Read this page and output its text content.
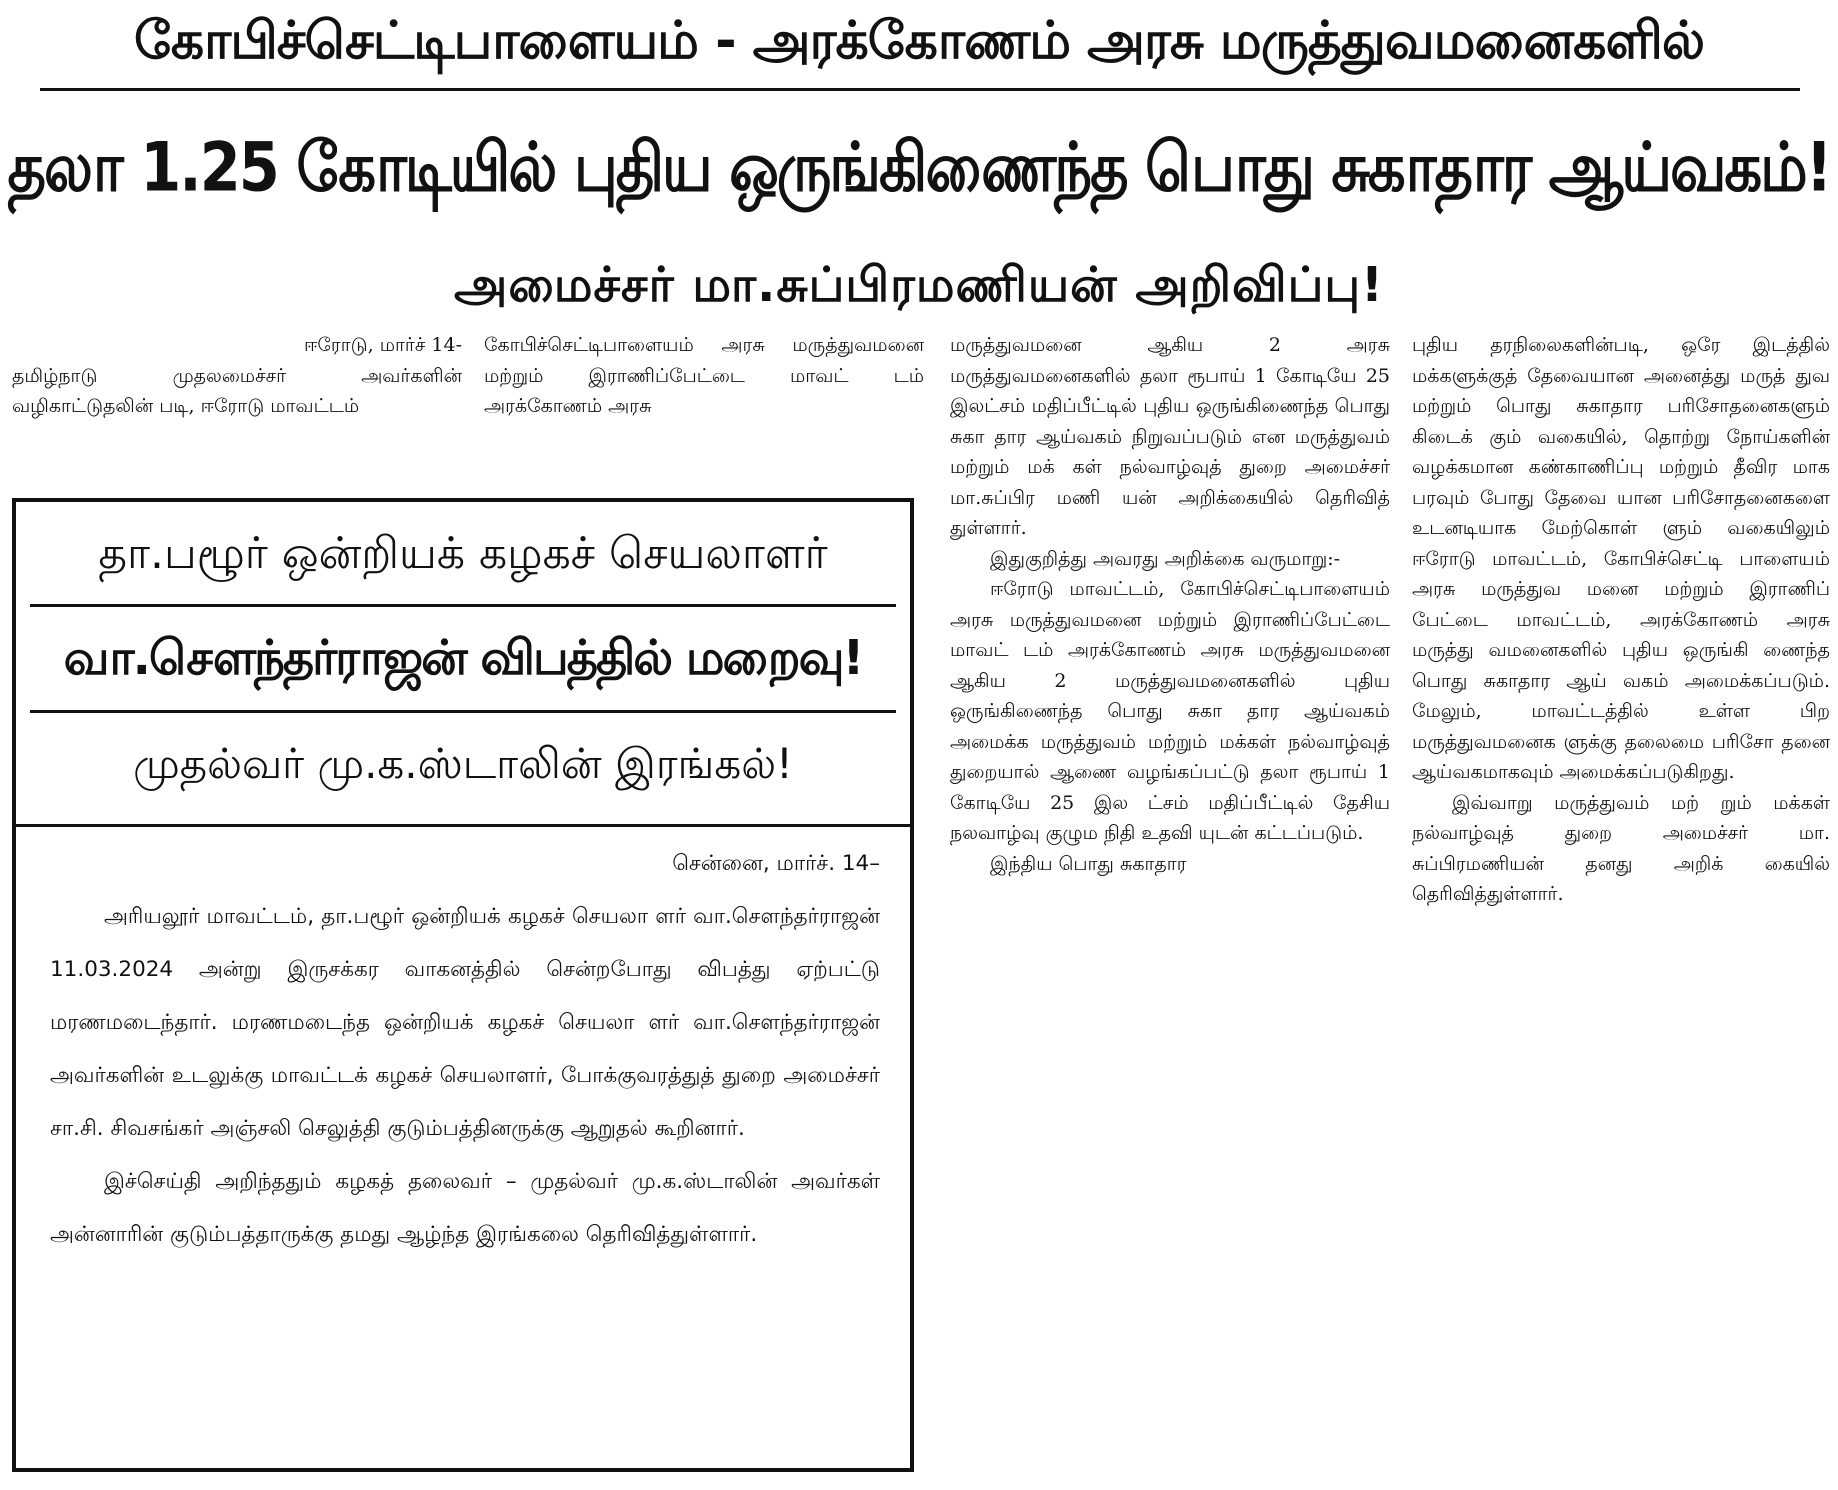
கோபிச்செட்டிபாளையம் - அரக்கோணம் அரசு மருத்துவமனைகளில்
தலா 1.25 கோடியில் புதிய ஒருங்கிணைந்த பொது சுகாதார ஆய்வகம்!
அமைச்சர் மா.சுப்பிரமணியன் அறிவிப்பு!

ஈரோடு, மார்ச் 14-

தமிழ்நாடு முதலமைச்சர் அவர்களின் வழிகாட்டுதலின் படி, ஈரோடு மாவட்டம்

கோபிச்செட்டிபாளையம் அரசு மருத்துவமனை மற்றும் இராணிப்பேட்டை மாவட் டம் அரக்கோணம் அரசு

மருத்துவமனை ஆகிய 2 அரசு மருத்துவமனைகளில் தலா ரூபாய் 1 கோடியே 25 இலட்சம் மதிப்பீட்டில் புதிய ஒருங்கிணைந்த பொது சுகா தார ஆய்வகம் நிறுவப்படும் என மருத்துவம் மற்றும் மக் கள் நல்வாழ்வுத் துறை அமைச்சர் மா.சுப்பிர மணி யன் அறிக்கையில் தெரிவித் துள்ளார்.

இதுகுறித்து அவரது அறிக்கை வருமாறு:-

ஈரோடு மாவட்டம், கோபிச்செட்டிபாளையம் அரசு மருத்துவமனை மற்றும் இராணிப்பேட்டை மாவட் டம் அரக்கோணம் அரசு மருத்துவமனை ஆகிய 2 மருத்துவமனைகளில் புதிய ஒருங்கிணைந்த பொது சுகா தார ஆய்வகம் அமைக்க மருத்துவம் மற்றும் மக்கள் நல்வாழ்வுத் துறையால் ஆணை வழங்கப்பட்டு தலா ரூபாய் 1 கோடியே 25 இல ட்சம் மதிப்பீட்டில் தேசிய நலவாழ்வு குழும நிதி உதவி யுடன் கட்டப்படும்.

இந்திய பொது சுகாதார

புதிய தரநிலைகளின்படி, ஒரே இடத்தில் மக்களுக்குத் தேவையான அனைத்து மருத் துவ மற்றும் பொது சுகாதார பரிசோதனைகளும் கிடைக் கும் வகையில், தொற்று நோய்களின் வழக்கமான கண்காணிப்பு மற்றும் தீவிர மாக பரவும் போது தேவை யான பரிசோதனைகளை உடனடியாக மேற்கொள் ளும் வகையிலும் ஈரோடு மாவட்டம், கோபிச்செட்டி பாளையம் அரசு மருத்துவ மனை மற்றும் இராணிப் பேட்டை மாவட்டம், அரக்கோணம் அரசு மருத்து வமனைகளில் புதிய ஒருங்கி ணைந்த பொது சுகாதார ஆய் வகம் அமைக்கப்படும். மேலும், மாவட்டத்தில் உள்ள பிற மருத்துவமனைக ளுக்கு தலைமை பரிசோ தனை ஆய்வகமாகவும் அமைக்கப்படுகிறது.

இவ்வாறு மருத்துவம் மற் றும் மக்கள் நல்வாழ்வுத் துறை அமைச்சர் மா. சுப்பிரமணியன் தனது அறிக் கையில் தெரிவித்துள்ளார்.

தா.பழூர் ஒன்றியக் கழகச் செயலாளர்
வா.சௌந்தர்ராஜன் விபத்தில் மறைவு!
முதல்வர் மு.க.ஸ்டாலின் இரங்கல்!

சென்னை, மார்ச். 14–

அரியலூர் மாவட்டம், தா.பழூர் ஒன்றியக் கழகச் செயலா ளர் வா.சௌந்தர்ராஜன் 11.03.2024 அன்று இருசக்கர வாகனத்தில் சென்றபோது விபத்து ஏற்பட்டு மரணமடைந்தார். மரணமடைந்த ஒன்றியக் கழகச் செயலா ளர் வா.சௌந்தர்ராஜன் அவர்களின் உடலுக்கு மாவட்டக் கழகச் செயலாளர், போக்குவரத்துத் துறை அமைச்சர் சா.சி. சிவசங்கர் அஞ்சலி செலுத்தி குடும்பத்தினருக்கு ஆறுதல் கூறினார்.

இச்செய்தி அறிந்ததும் கழகத் தலைவர் – முதல்வர் மு.க.ஸ்டாலின் அவர்கள் அன்னாரின் குடும்பத்தாருக்கு தமது ஆழ்ந்த இரங்கலை தெரிவித்துள்ளார்.
